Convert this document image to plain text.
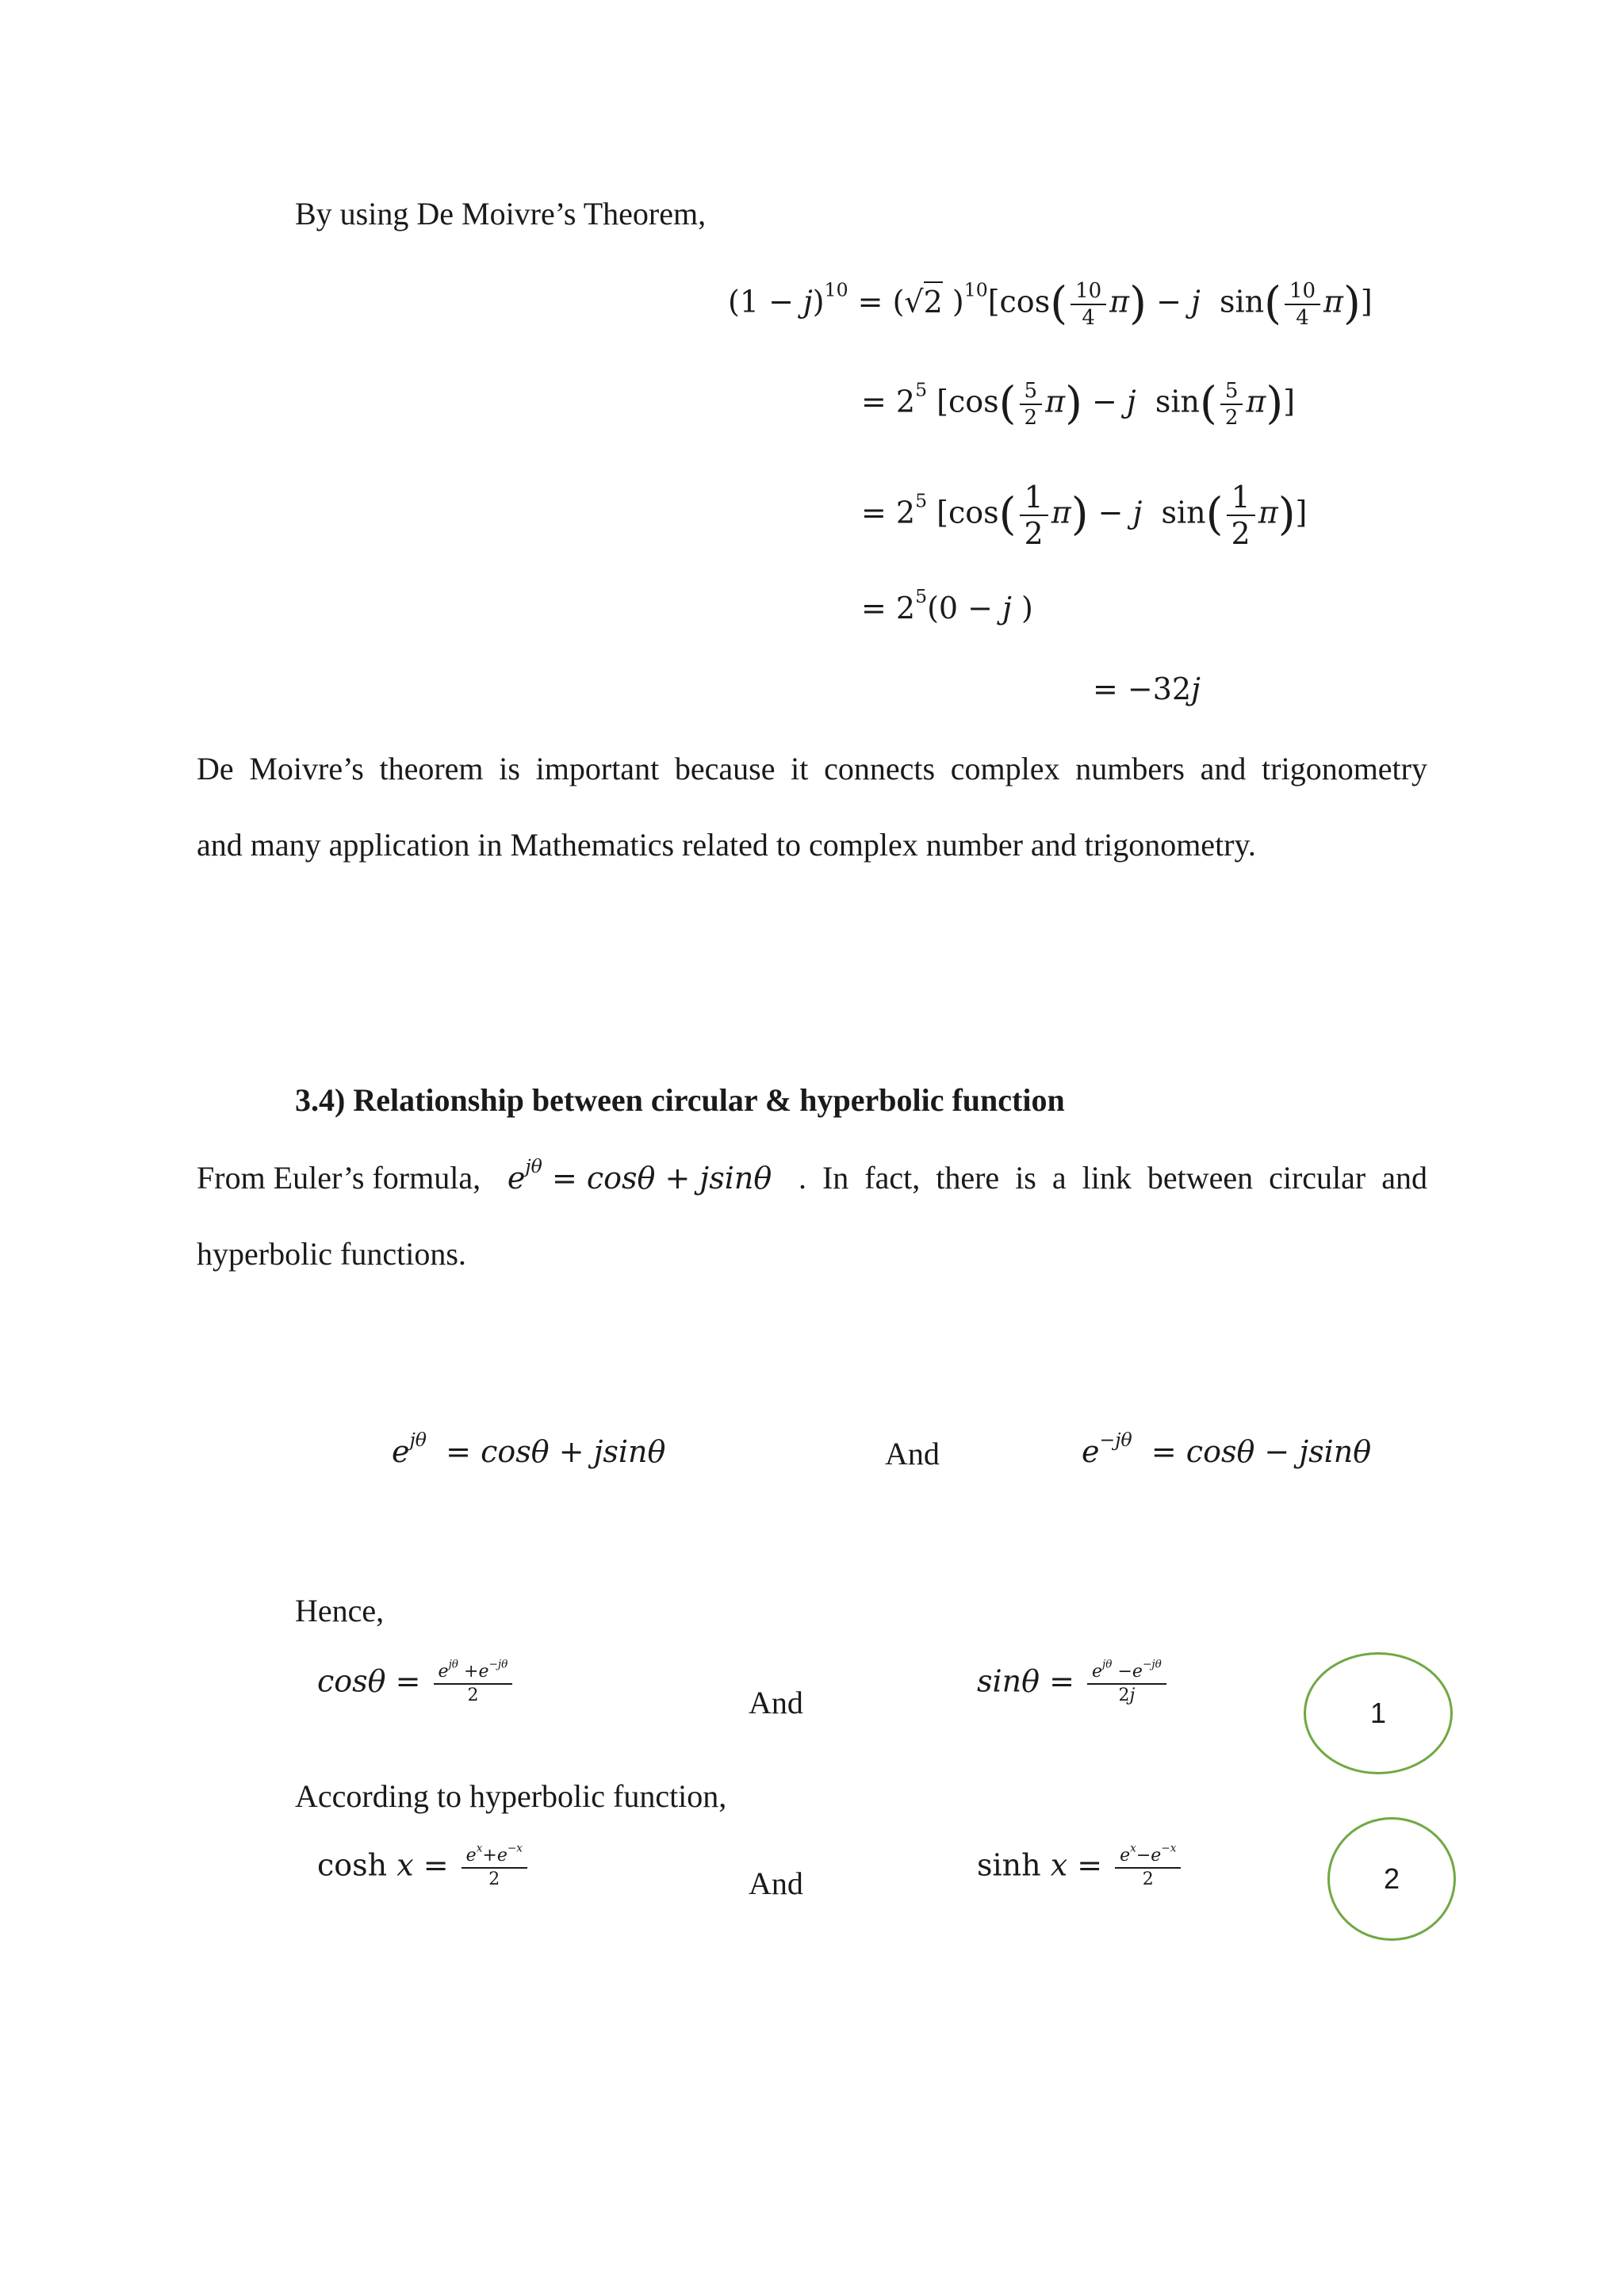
By using De Moivre’s Theorem,
$(1 - j)^{10} = (√2$ )$^{10}[\cos( \frac{10}{4} \pi) - j$  $\sin( \frac{10}{4} \pi)$]
= $2^5$ [$\cos( \frac{5}{2} \pi) - j$  $\sin( \frac{5}{2} \pi)$]
= $2^5$ [$\cos( \frac{1}{2} \pi) - j$  $\sin( \frac{1}{2} \pi)$]
= $2^5(0 - j$ )
= −32j
De Moivre’s theorem is important because it connects complex numbers and trigonometry
and many application in Mathematics related to complex number and trigonometry.
3.4) Relationship between circular & hyperbolic function
From Euler’s formula, $e^{j\theta} = \cos\theta + jsin\theta$ . In fact, there is a link between circular and
hyperbolic functions.
$e^{j\theta} = \cos\theta + jsin\theta$	And	$e^{-j\theta} = \cos\theta - jsin\theta$
Hence,
$\cos\theta = \frac{e^{j\theta} +e^{-j\theta}}{2}$	And
$\sin\theta = \frac{e^{j\theta} -e^{-j\theta}}{2j}$
1
According to hyperbolic function,
$\cosh x = \frac{e^x+e^{-x}}{2}$	And
$\sinh x = \frac{e^x-e^{-x}}{2}$	2
